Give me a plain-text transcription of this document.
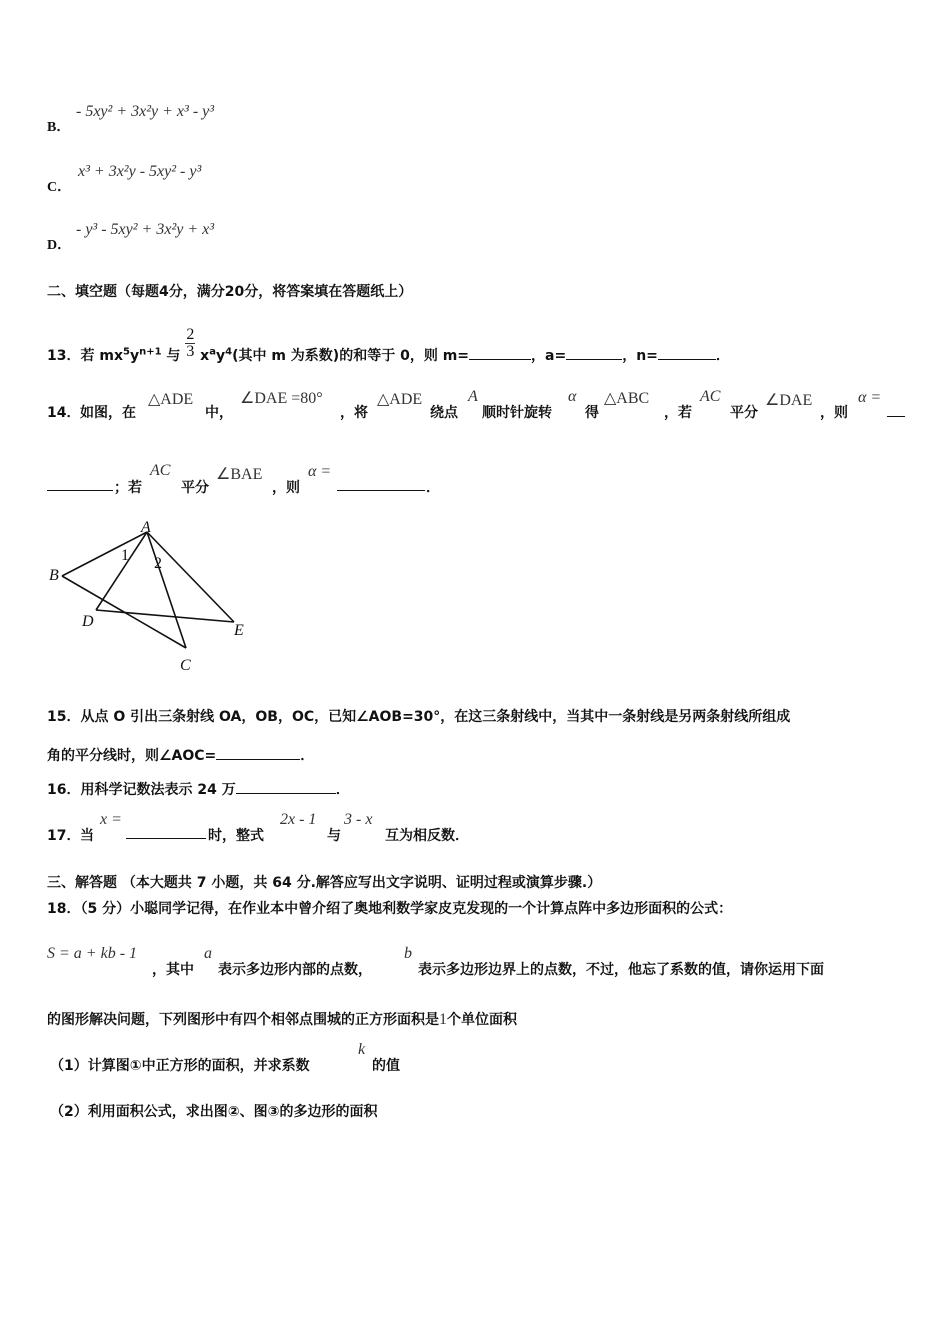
B．
- 5xy² + 3x²y + x³ - y³
C．
x³ + 3x²y - 5xy² - y³
D．
- y³ - 5xy² + 3x²y + x³
二、填空题（每题4分，满分20分，将答案填在答题纸上）
13．若 $mx^5y^{n+1}$ 与 $\frac{2}{3} x^ay^4$(其中 m 为系数)的和等于 0，则 m=	，a=	，n=	．
14． 如图，在
△ADE
中，
∠DAE =80°
，将
△ADE
绕点
A
顺时针旋转
α
得
△ABC
，若
AC
平分
∠DAE
，则
α =
；若
AC
平分
∠BAE
，则
α =
．
A
B
D
E
C
1 2
15．从点 O 引出三条射线 OA，OB，OC，已知∠AOB=30°，在这三条射线中，当其中一条射线是另两条射线所组成
角的平分线时，则∠AOC=	．
16．用科学记数法表示 24 万	．
17． 当
x =
时，整式
2x - 1
与
3 - x
互为相反数．
三、解答题 （本大题共 7 小题，共 64 分.解答应写出文字说明、证明过程或演算步骤.）
18．（5 分）小聪同学记得，在作业本中曾介绍了奥地利数学家皮克发现的一个计算点阵中多边形面积的公式：
S = a + kb - 1
，其中
a
表示多边形内部的点数，
b
表示多边形边界上的点数，不过，他忘了系数的值，请你运用下面
的图形解决问题，下列图形中有四个相邻点围城的正方形面积是1个单位面积
（1）计算图①中正方形的面积，并求系数
k
的值
（2）利用面积公式，求出图②、图③的多边形的面积
